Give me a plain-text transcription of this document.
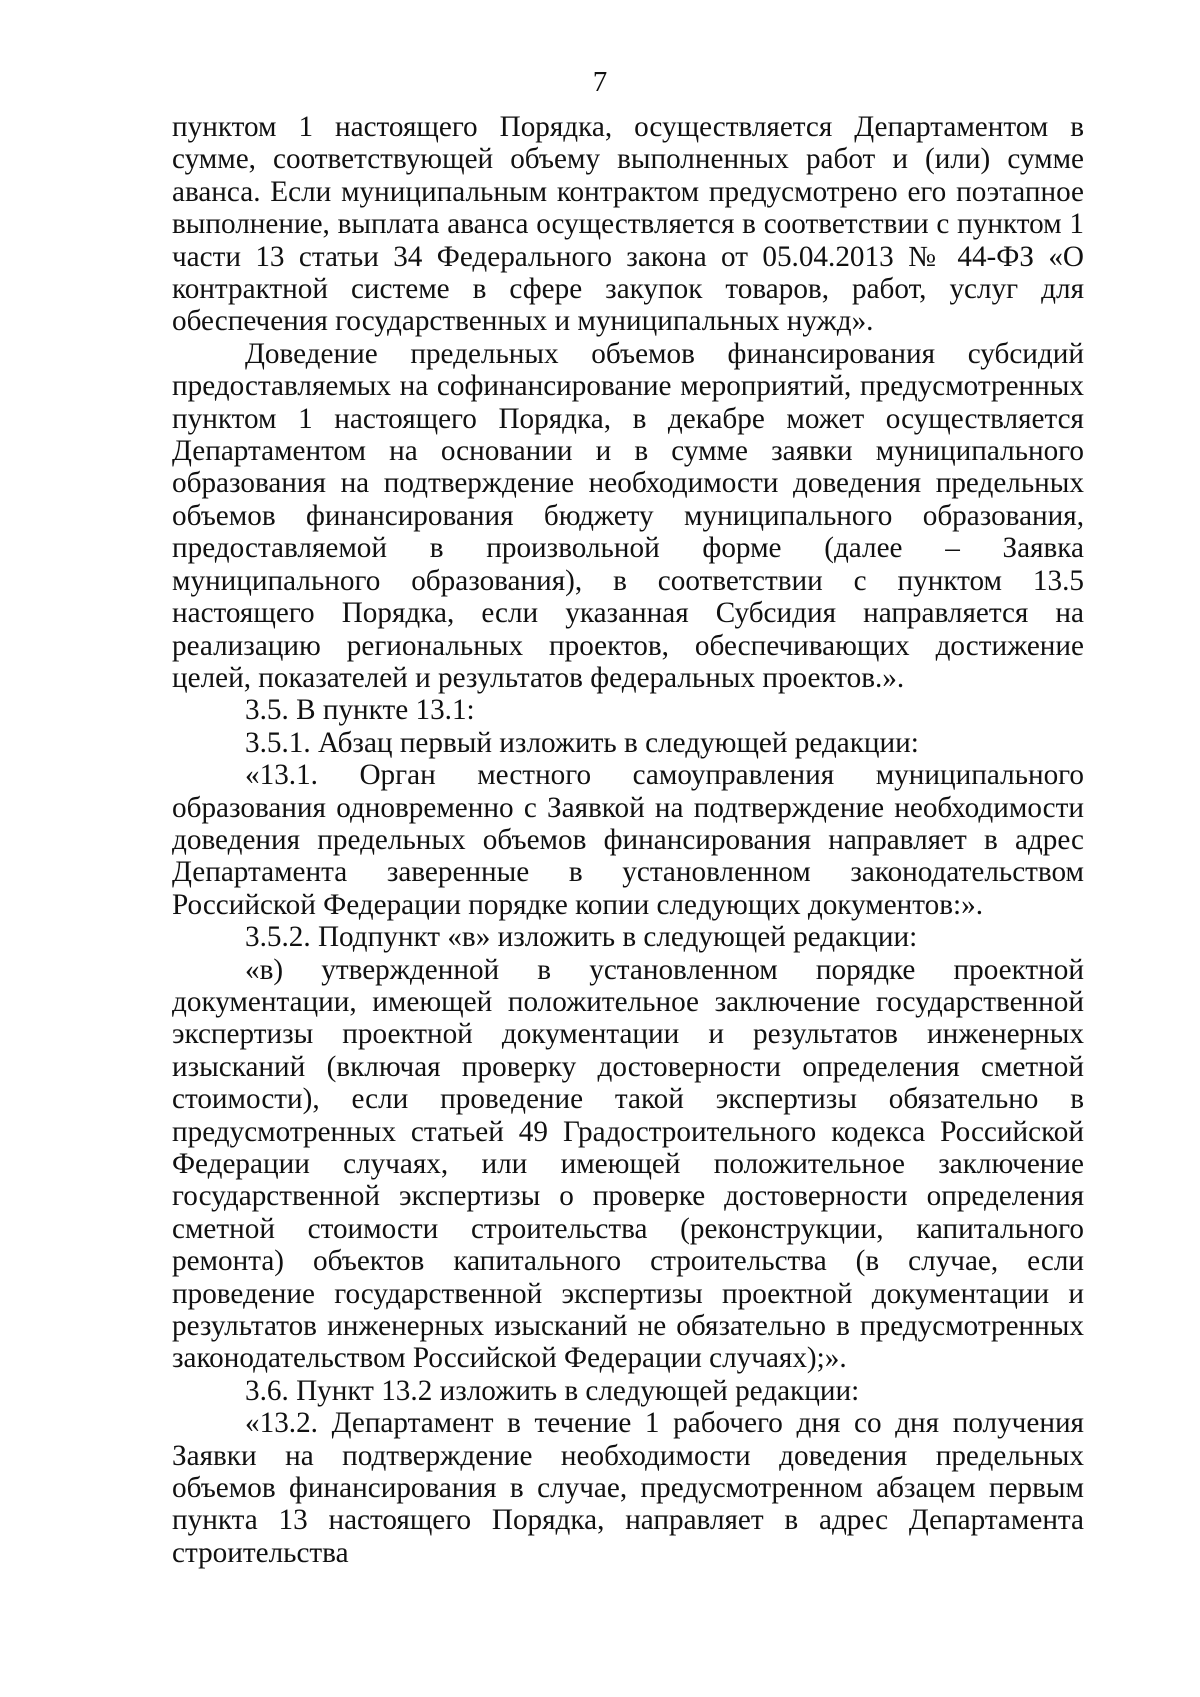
7

пунктом 1 настоящего Порядка, осуществляется Департаментом в сумме, соответствующей объему выполненных работ и (или) сумме аванса. Если муниципальным контрактом предусмотрено его поэтапное выполнение, выплата аванса осуществляется в соответствии с пунктом 1 части 13 статьи 34 Федерального закона от 05.04.2013 № 44-ФЗ «О контрактной системе в сфере закупок товаров, работ, услуг для обеспечения государственных и муниципальных нужд».

Доведение предельных объемов финансирования субсидий предоставляемых на софинансирование мероприятий, предусмотренных пунктом 1 настоящего Порядка, в декабре может осуществляется Департаментом на основании и в сумме заявки муниципального образования на подтверждение необходимости доведения предельных объемов финансирования бюджету муниципального образования, предоставляемой в произвольной форме (далее – Заявка муниципального образования), в соответствии с пунктом 13.5 настоящего Порядка, если указанная Субсидия направляется на реализацию региональных проектов, обеспечивающих достижение целей, показателей и результатов федеральных проектов.».

3.5. В пункте 13.1:

3.5.1. Абзац первый изложить в следующей редакции:

«13.1. Орган местного самоуправления муниципального образования одновременно с Заявкой на подтверждение необходимости доведения предельных объемов финансирования направляет в адрес Департамента заверенные в установленном законодательством Российской Федерации порядке копии следующих документов:».

3.5.2. Подпункт «в» изложить в следующей редакции:

«в) утвержденной в установленном порядке проектной документации, имеющей положительное заключение государственной экспертизы проектной документации и результатов инженерных изысканий (включая проверку достоверности определения сметной стоимости), если проведение такой экспертизы обязательно в предусмотренных статьей 49 Градостроительного кодекса Российской Федерации случаях, или имеющей положительное заключение государственной экспертизы о проверке достоверности определения сметной стоимости строительства (реконструкции, капитального ремонта) объектов капитального строительства (в случае, если проведение государственной экспертизы проектной документации и результатов инженерных изысканий не обязательно в предусмотренных законодательством Российской Федерации случаях);».

3.6. Пункт 13.2 изложить в следующей редакции:

«13.2. Департамент в течение 1 рабочего дня со дня получения Заявки на подтверждение необходимости доведения предельных объемов финансирования в случае, предусмотренном абзацем первым пункта 13 настоящего Порядка, направляет в адрес Департамента строительства
